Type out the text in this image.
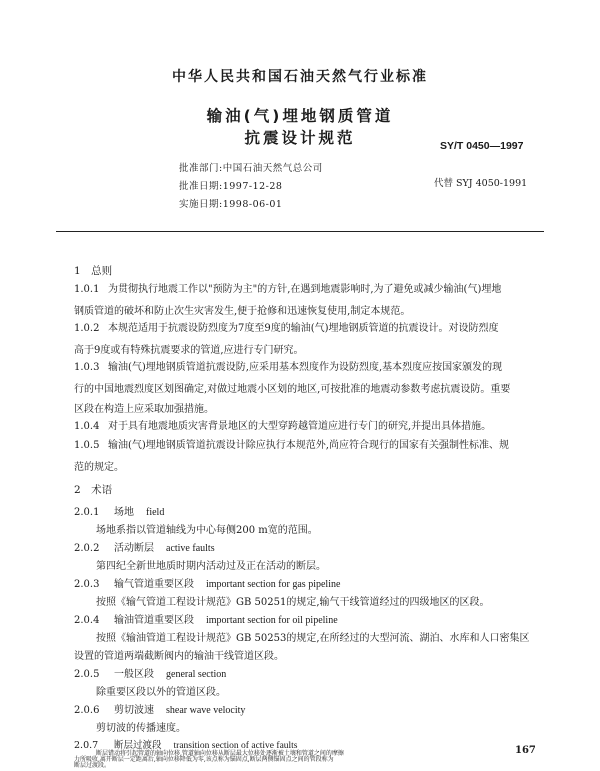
中华人民共和国石油天然气行业标准
输油(气)埋地钢质管道
抗震设计规范	SY/T 0450—1997
批准部门:中国石油天然气总公司
批准日期:1997-12-28
实施日期:1998-06-01
代替 SYJ 4050-1991
1　总则
1.0.1 为贯彻执行地震工作以"预防为主"的方针,在遇到地震影响时,为了避免或减少输油(气)埋地
钢质管道的破坏和防止次生灾害发生,便于抢修和迅速恢复使用,制定本规范。
1.0.2 本规范适用于抗震设防烈度为7度至9度的输油(气)埋地钢质管道的抗震设计。对设防烈度
高于9度或有特殊抗震要求的管道,应进行专门研究。
1.0.3 输油(气)埋地钢质管道抗震设防,应采用基本烈度作为设防烈度,基本烈度应按国家颁发的现
行的中国地震烈度区划图确定,对做过地震小区划的地区,可按批准的地震动参数考虑抗震设防。重要
区段在构造上应采取加强措施。
1.0.4 对于具有地震地质灾害背景地区的大型穿跨越管道应进行专门的研究,并提出具体措施。
1.0.5 输油(气)埋地钢质管道抗震设计除应执行本规范外,尚应符合现行的国家有关强制性标准、规
范的规定。
2　术语
2.0.1 场地 field
场地系指以管道轴线为中心每侧200 m宽的范围。
2.0.2 活动断层 active faults
第四纪全新世地质时期内活动过及正在活动的断层。
2.0.3 输气管道重要区段 important section for gas pipeline
按照《输气管道工程设计规范》GB 50251的规定,输气干线管道经过的四级地区的区段。
2.0.4 输油管道重要区段 important section for oil pipeline
按照《输油管道工程设计规范》GB 50253的规定,在所经过的大型河流、湖泊、水库和人口密集区
设置的管道两端截断阀内的输油干线管道区段。
2.0.5 一般区段 general section
除重要区段以外的管道区段。
2.0.6 剪切波速 shear wave velocity
剪切波的传播速度。
2.0.7 断层过渡段 transition section of active faults
断层错动将引起管道的轴向位移,管道轴向位移从断层最大位移处逐渐被土壤和管道之间的摩擦
力所吸收,离开断层一定距离后,轴向位移降低为零,该点称为锚固点,断层两侧锚固点之间的管段称为
断层过渡段。
167
